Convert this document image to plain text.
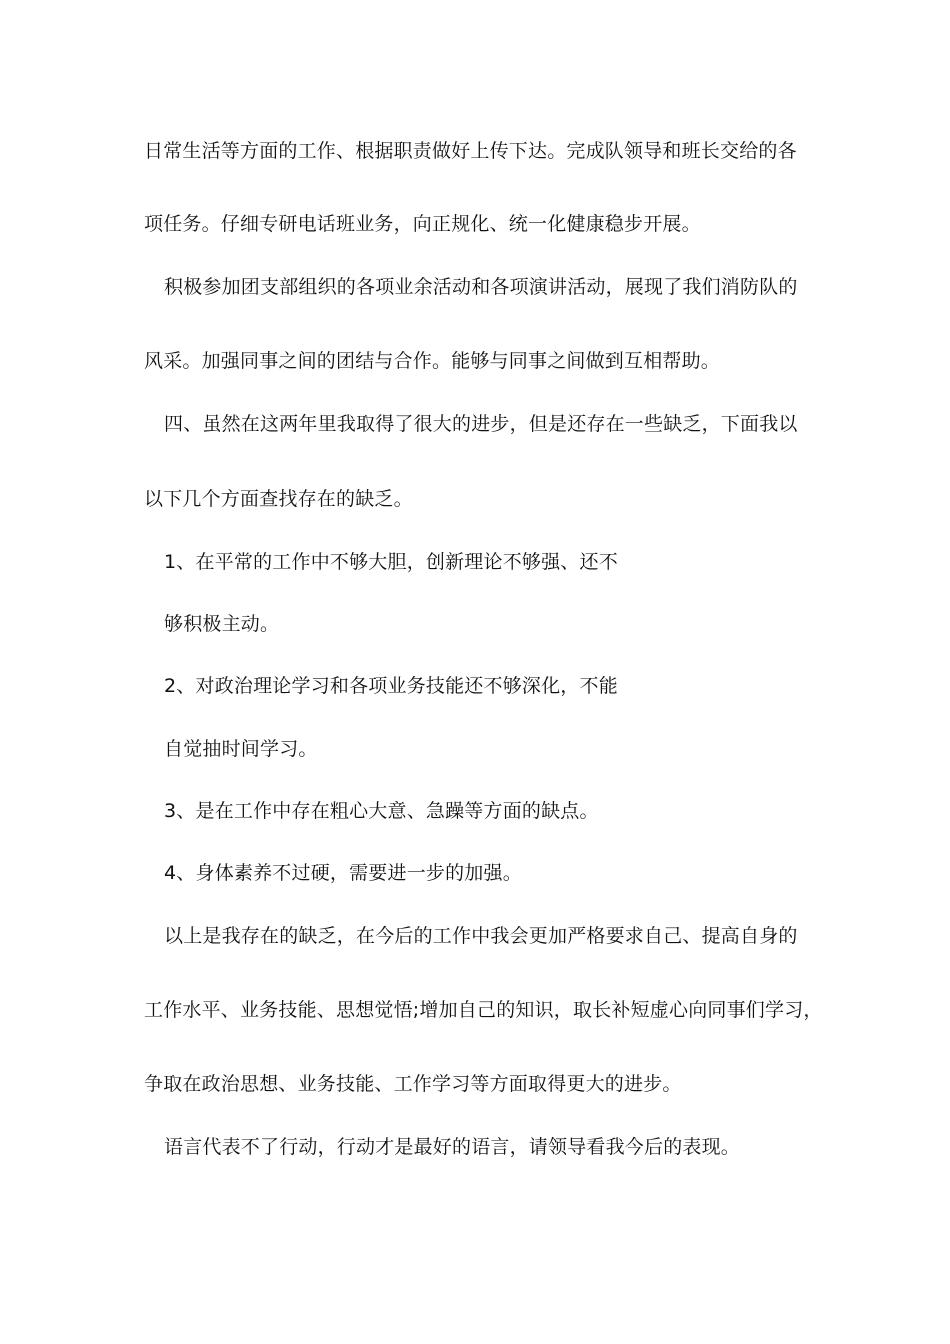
日常生活等方面的工作、根据职责做好上传下达。完成队领导和班长交给的各
项任务。仔细专研电话班业务，向正规化、统一化健康稳步开展。
积极参加团支部组织的各项业余活动和各项演讲活动，展现了我们消防队的
风采。加强同事之间的团结与合作。能够与同事之间做到互相帮助。
四、虽然在这两年里我取得了很大的进步，但是还存在一些缺乏，下面我以
以下几个方面查找存在的缺乏。
1、在平常的工作中不够大胆，创新理论不够强、还不
够积极主动。
2、对政治理论学习和各项业务技能还不够深化，不能
自觉抽时间学习。
3、是在工作中存在粗心大意、急躁等方面的缺点。
4、身体素养不过硬，需要进一步的加强。
以上是我存在的缺乏，在今后的工作中我会更加严格要求自己、提高自身的
工作水平、业务技能、思想觉悟;增加自己的知识，取长补短虚心向同事们学习，
争取在政治思想、业务技能、工作学习等方面取得更大的进步。
语言代表不了行动，行动才是最好的语言，请领导看我今后的表现。
